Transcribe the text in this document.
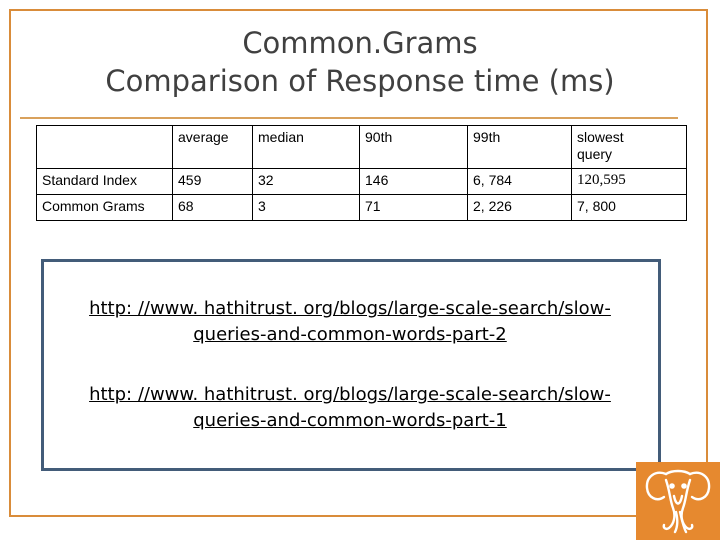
Common.Grams
Comparison of Response time (ms)
	average	median	90th	99th	slowest query
Standard Index	459	32	146	6, 784	120,595
Common Grams	68	3	71	2, 226	7, 800
http: //www. hathitrust. org/blogs/large-scale-search/slow-
queries-and-common-words-part-2
http: //www. hathitrust. org/blogs/large-scale-search/slow-
queries-and-common-words-part-1
